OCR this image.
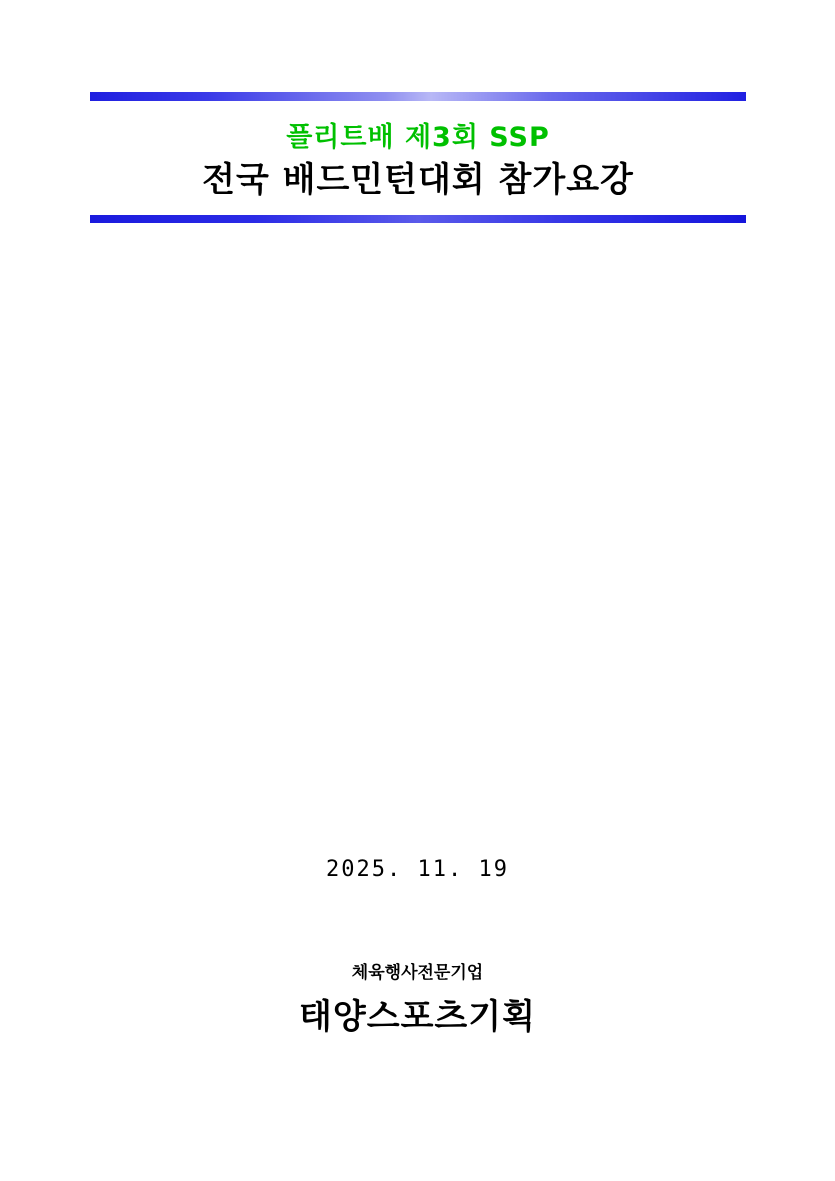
플리트배 제3회 SSP
전국 배드민턴대회 참가요강
2025. 11. 19
체육행사전문기업
태양스포츠기획
